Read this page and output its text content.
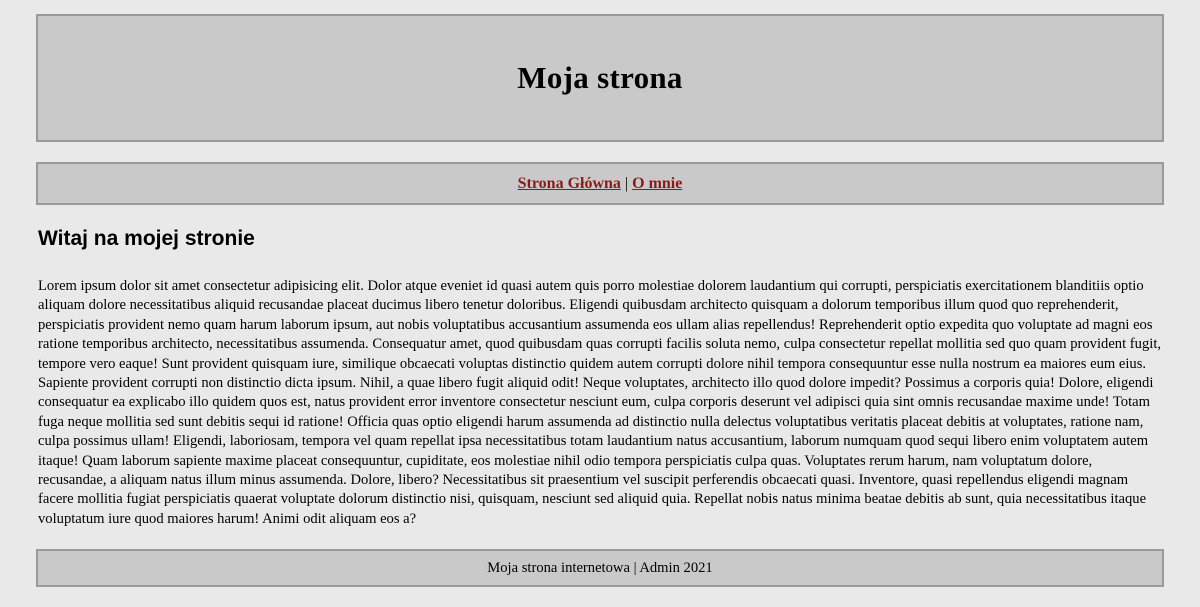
Moja strona
Strona Główna | O mnie
Witaj na mojej stronie

Lorem ipsum dolor sit amet consectetur adipisicing elit. Dolor atque eveniet id quasi autem quis porro molestiae dolorem laudantium qui corrupti, perspiciatis exercitationem blanditiis optio aliquam dolore necessitatibus aliquid recusandae placeat ducimus libero tenetur doloribus. Eligendi quibusdam architecto quisquam a dolorum temporibus illum quod quo reprehenderit, perspiciatis provident nemo quam harum laborum ipsum, aut nobis voluptatibus accusantium assumenda eos ullam alias repellendus! Reprehenderit optio expedita quo voluptate ad magni eos ratione temporibus architecto, necessitatibus assumenda. Consequatur amet, quod quibusdam quas corrupti facilis soluta nemo, culpa consectetur repellat mollitia sed quo quam provident fugit, tempore vero eaque! Sunt provident quisquam iure, similique obcaecati voluptas distinctio quidem autem corrupti dolore nihil tempora consequuntur esse nulla nostrum ea maiores eum eius. Sapiente provident corrupti non distinctio dicta ipsum. Nihil, a quae libero fugit aliquid odit! Neque voluptates, architecto illo quod dolore impedit? Possimus a corporis quia! Dolore, eligendi consequatur ea explicabo illo quidem quos est, natus provident error inventore consectetur nesciunt eum, culpa corporis deserunt vel adipisci quia sint omnis recusandae maxime unde! Totam fuga neque mollitia sed sunt debitis sequi id ratione! Officia quas optio eligendi harum assumenda ad distinctio nulla delectus voluptatibus veritatis placeat debitis at voluptates, ratione nam, culpa possimus ullam! Eligendi, laboriosam, tempora vel quam repellat ipsa necessitatibus totam laudantium natus accusantium, laborum numquam quod sequi libero enim voluptatem autem itaque! Quam laborum sapiente maxime placeat consequuntur, cupiditate, eos molestiae nihil odio tempora perspiciatis culpa quas. Voluptates rerum harum, nam voluptatum dolore, recusandae, a aliquam natus illum minus assumenda. Dolore, libero? Necessitatibus sit praesentium vel suscipit perferendis obcaecati quasi. Inventore, quasi repellendus eligendi magnam facere mollitia fugiat perspiciatis quaerat voluptate dolorum distinctio nisi, quisquam, nesciunt sed aliquid quia. Repellat nobis natus minima beatae debitis ab sunt, quia necessitatibus itaque voluptatum iure quod maiores harum! Animi odit aliquam eos a?

Moja strona internetowa | Admin 2021
